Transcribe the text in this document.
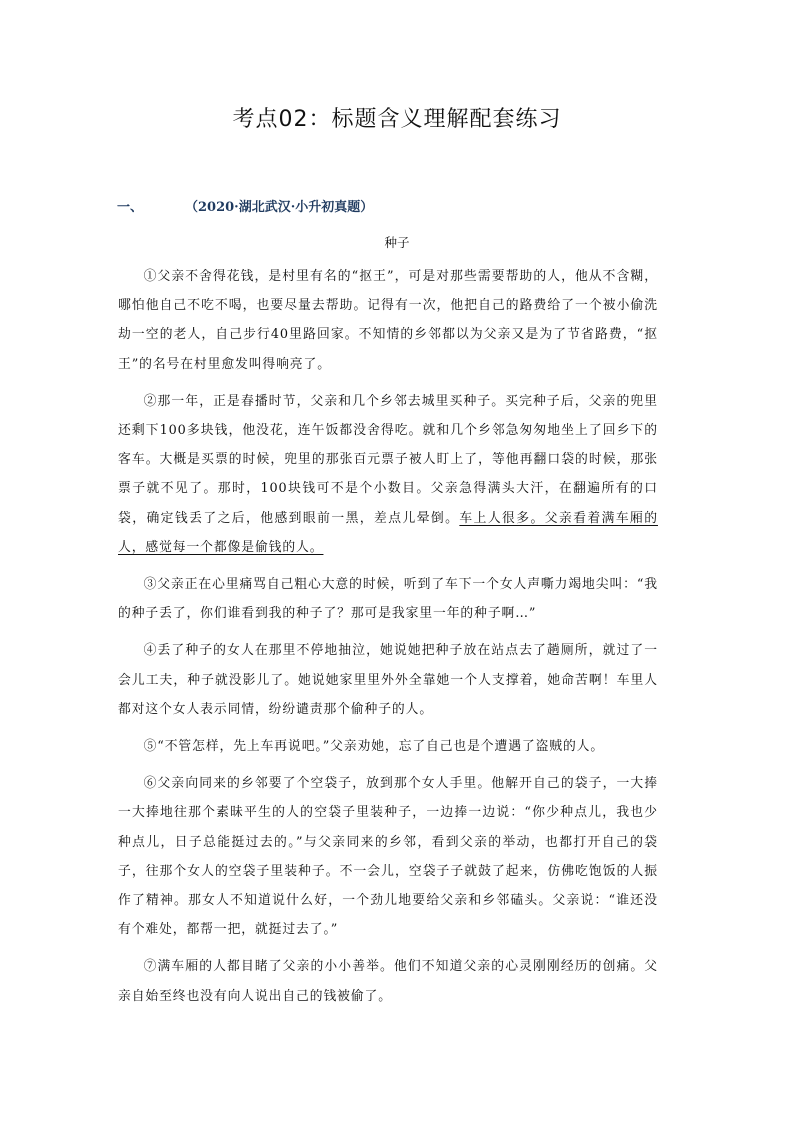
考点02：标题含义理解配套练习
一、	（2020·湖北武汉·小升初真题）
种子

①父亲不舍得花钱，是村里有名的“抠王”，可是对那些需要帮助的人，他从不含糊，哪怕他自己不吃不喝，也要尽量去帮助。记得有一次，他把自己的路费给了一个被小偷洗劫一空的老人，自己步行40里路回家。不知情的乡邻都以为父亲又是为了节省路费，“抠王”的名号在村里愈发叫得响亮了。

②那一年，正是春播时节，父亲和几个乡邻去城里买种子。买完种子后，父亲的兜里还剩下100多块钱，他没花，连午饭都没舍得吃。就和几个乡邻急匆匆地坐上了回乡下的客车。大概是买票的时候，兜里的那张百元票子被人盯上了，等他再翻口袋的时候，那张票子就不见了。那时，100块钱可不是个小数目。父亲急得满头大汗，在翻遍所有的口袋，确定钱丢了之后，他感到眼前一黑，差点儿晕倒。车上人很多。父亲看着满车厢的人，感觉每一个都像是偷钱的人。

③父亲正在心里痛骂自己粗心大意的时候，听到了车下一个女人声嘶力竭地尖叫：“我的种子丢了，你们谁看到我的种子了？那可是我家里一年的种子啊…”

④丢了种子的女人在那里不停地抽泣，她说她把种子放在站点去了趟厕所，就过了一会儿工夫，种子就没影儿了。她说她家里里外外全靠她一个人支撑着，她命苦啊！车里人都对这个女人表示同情，纷纷谴责那个偷种子的人。

⑤“不管怎样，先上车再说吧。”父亲劝她，忘了自己也是个遭遇了盗贼的人。

⑥父亲向同来的乡邻要了个空袋子，放到那个女人手里。他解开自己的袋子，一大捧一大捧地往那个素昧平生的人的空袋子里装种子，一边捧一边说：“你少种点儿，我也少种点儿，日子总能挺过去的。”与父亲同来的乡邻，看到父亲的举动，也都打开自己的袋子，往那个女人的空袋子里装种子。不一会儿，空袋子子就鼓了起来，仿佛吃饱饭的人振作了精神。那女人不知道说什么好，一个劲儿地要给父亲和乡邻磕头。父亲说：“谁还没有个难处，都帮一把，就挺过去了。”

⑦满车厢的人都目睹了父亲的小小善举。他们不知道父亲的心灵刚刚经历的创痛。父亲自始至终也没有向人说出自己的钱被偷了。
